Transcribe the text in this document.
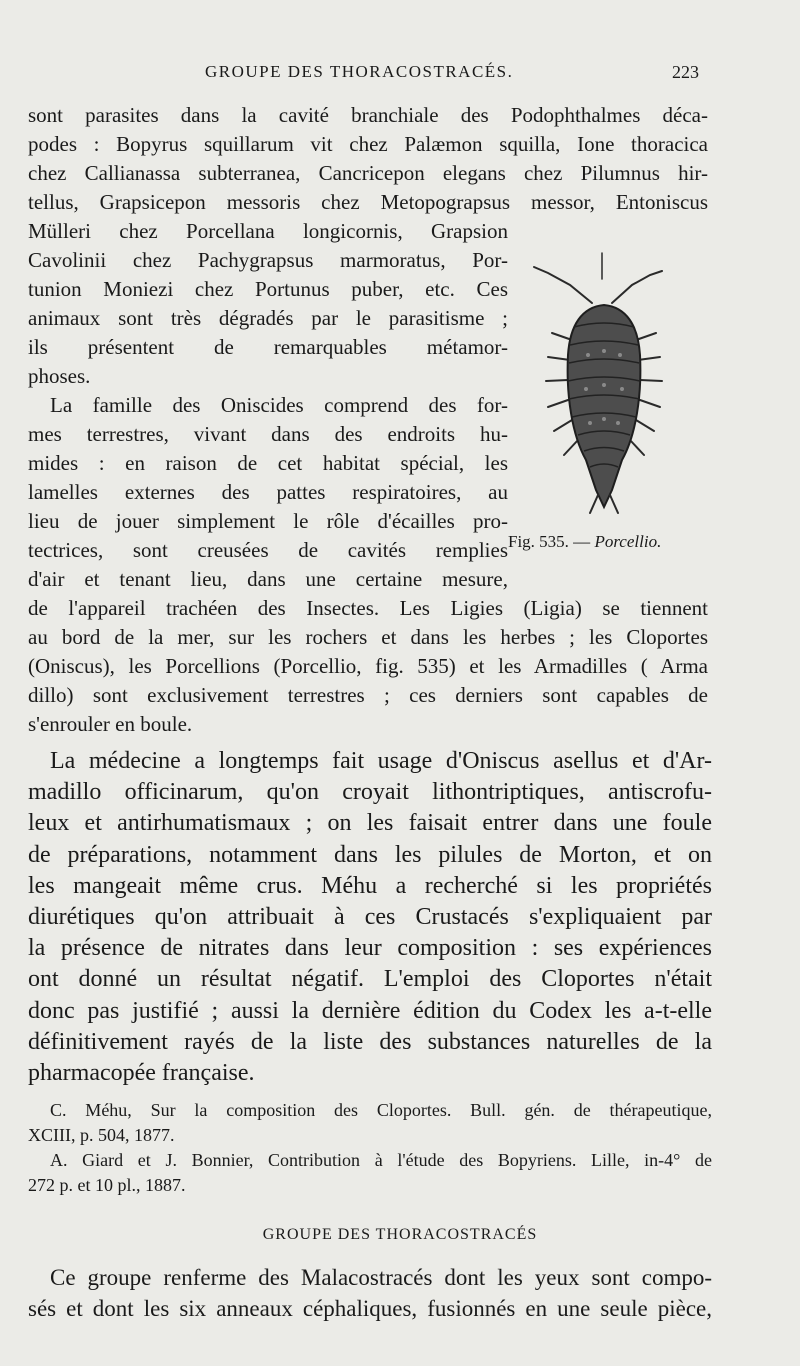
GROUPE DES THORACOSTRACÉS.	223
sont parasites dans la cavité branchiale des Podophthalmes déca-
podes : Bopyrus squillarum vit chez Palæmon squilla, Ione thoracica
chez Callianassa subterranea, Cancricepon elegans chez Pilumnus hir-
tellus, Grapsicepon messoris chez Metopograpsus messor, Entoniscus
Mülleri chez Porcellana longicornis, Grapsion
Cavolinii chez Pachygrapsus marmoratus, Por-
tunion Moniezi chez Portunus puber, etc. Ces
animaux sont très dégradés par le parasitisme ;
ils présentent de remarquables métamor-
phoses.
La famille des Oniscides comprend des for-
mes terrestres, vivant dans des endroits hu-
mides : en raison de cet habitat spécial, les
lamelles externes des pattes respiratoires, au
lieu de jouer simplement le rôle d'écailles pro-
tectrices, sont creusées de cavités remplies
d'air et tenant lieu, dans une certaine mesure,
de l'appareil trachéen des Insectes. Les Ligies (Ligia) se tiennent
au bord de la mer, sur les rochers et dans les herbes ; les Cloportes
(Oniscus), les Porcellions (Porcellio, fig. 535) et les Armadilles ( Arma
dillo) sont exclusivement terrestres ; ces derniers sont capables de
s'enrouler en boule.
Fig. 535. — Porcellio.
La médecine a longtemps fait usage d'Oniscus asellus et d'Ar-
madillo officinarum, qu'on croyait lithontriptiques, antiscrofu-
leux et antirhumatismaux ; on les faisait entrer dans une foule
de préparations, notamment dans les pilules de Morton, et on
les mangeait même crus. Méhu a recherché si les propriétés
diurétiques qu'on attribuait à ces Crustacés s'expliquaient par
la présence de nitrates dans leur composition : ses expériences
ont donné un résultat négatif. L'emploi des Cloportes n'était
donc pas justifié ; aussi la dernière édition du Codex les a-t-elle
définitivement rayés de la liste des substances naturelles de la
pharmacopée française.
C. Méhu, Sur la composition des Cloportes. Bull. gén. de thérapeutique,
XCIII, p. 504, 1877.
A. Giard et J. Bonnier, Contribution à l'étude des Bopyriens. Lille, in-4° de
272 p. et 10 pl., 1887.
GROUPE DES THORACOSTRACÉS
Ce groupe renferme des Malacostracés dont les yeux sont compo-
sés et dont les six anneaux céphaliques, fusionnés en une seule pièce,
